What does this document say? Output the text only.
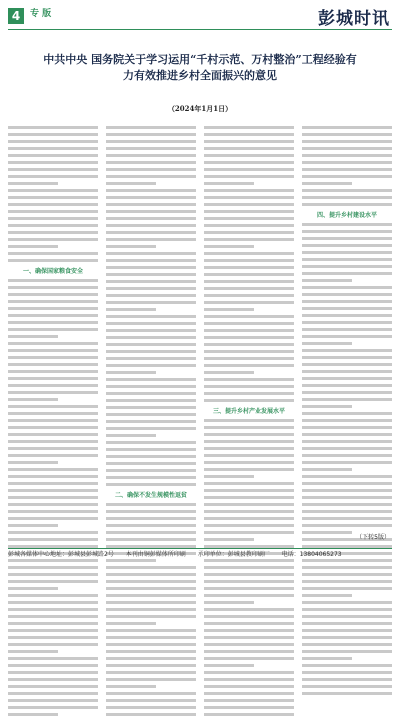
4	专 版	彭城时讯
中共中央 国务院关于学习运用“千村示范、万村整治”工程经验有力有效推进乡村全面振兴的意见
（2024年1月1日）
一、确保国家粮食安全
二、确保不发生规模性返贫
三、提升乡村产业发展水平
四、提升乡村建设水平
（下转5版）
彭城各媒体中心地址：彭城县彭城路2号 本刊由铜彭媒体所印刷 承印单位：彭城县教印刷厂 电话：13804065273
